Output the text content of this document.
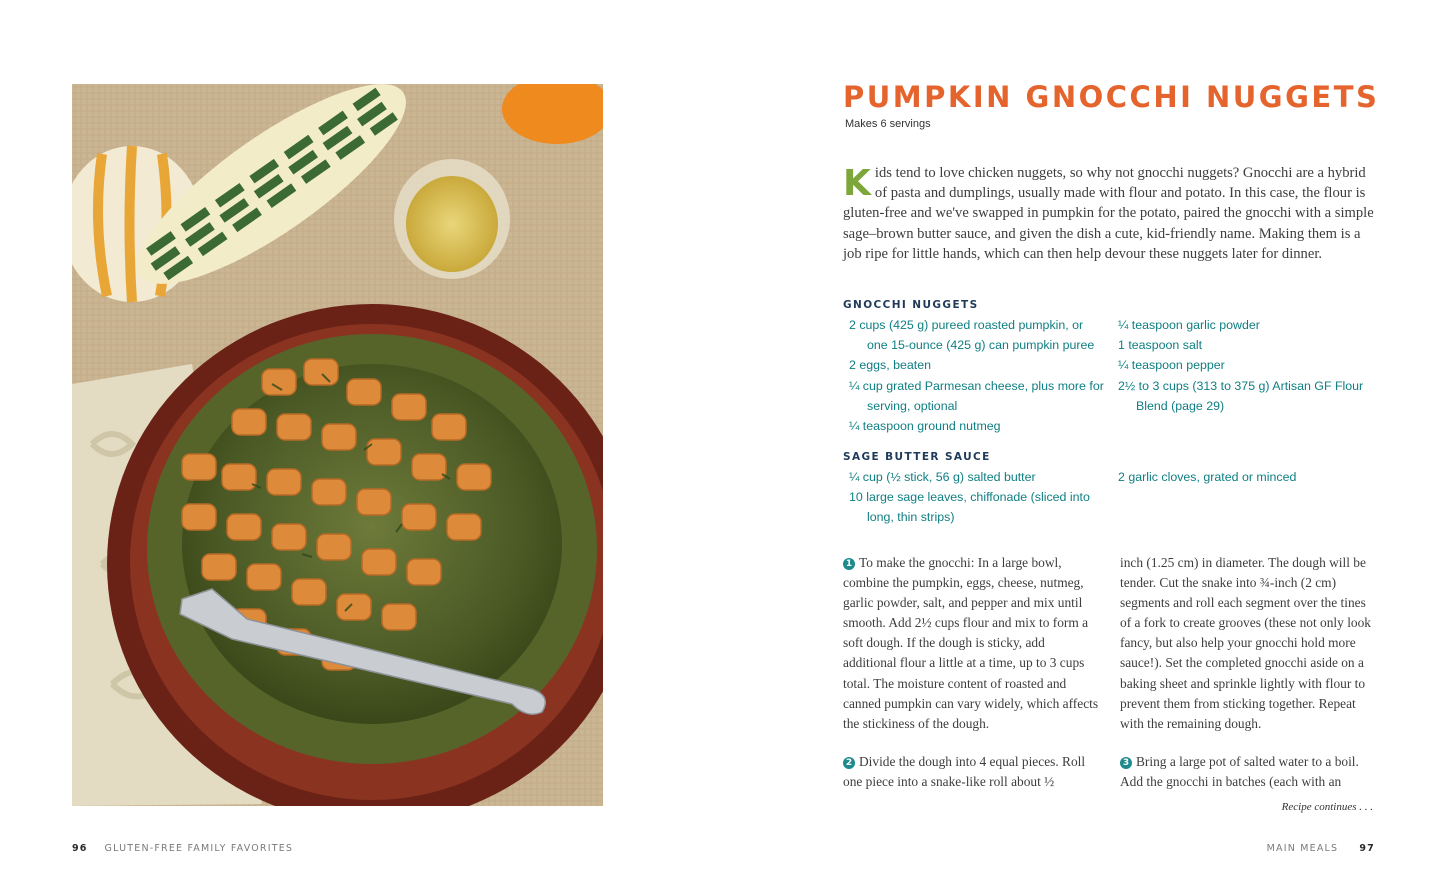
PUMPKIN GNOCCHI NUGGETS
Makes 6 servings
Kids tend to love chicken nuggets, so why not gnocchi nuggets? Gnocchi are a hybrid of pasta and dumplings, usually made with flour and potato. In this case, the flour is gluten-free and we've swapped in pumpkin for the potato, paired the gnocchi with a simple sage–brown butter sauce, and given the dish a cute, kid-friendly name. Making them is a job ripe for little hands, which can then help devour these nuggets later for dinner.
GNOCCHI NUGGETS
2 cups (425 g) pureed roasted pumpkin, or one 15-ounce (425 g) can pumpkin puree
2 eggs, beaten
¼ cup grated Parmesan cheese, plus more for serving, optional
¼ teaspoon ground nutmeg
¼ teaspoon garlic powder
1 teaspoon salt
¼ teaspoon pepper
2½ to 3 cups (313 to 375 g) Artisan GF Flour Blend (page 29)
SAGE BUTTER SAUCE
¼ cup (½ stick, 56 g) salted butter
10 large sage leaves, chiffonade (sliced into long, thin strips)
2 garlic cloves, grated or minced

1 To make the gnocchi: In a large bowl, combine the pumpkin, eggs, cheese, nutmeg, garlic powder, salt, and pepper and mix until smooth. Add 2½ cups flour and mix to form a soft dough. If the dough is sticky, add additional flour a little at a time, up to 3 cups total. The moisture content of roasted and canned pumpkin can vary widely, which affects the stickiness of the dough.

2 Divide the dough into 4 equal pieces. Roll one piece into a snake-like roll about ½

inch (1.25 cm) in diameter. The dough will be tender. Cut the snake into ¾-inch (2 cm) segments and roll each segment over the tines of a fork to create grooves (these not only look fancy, but also help your gnocchi hold more sauce!). Set the completed gnocchi aside on a baking sheet and sprinkle lightly with flour to prevent them from sticking together. Repeat with the remaining dough.

3 Bring a large pot of salted water to a boil. Add the gnocchi in batches (each with an

Recipe continues . . .
96 GLUTEN-FREE FAMILY FAVORITES	MAIN MEALS 97
